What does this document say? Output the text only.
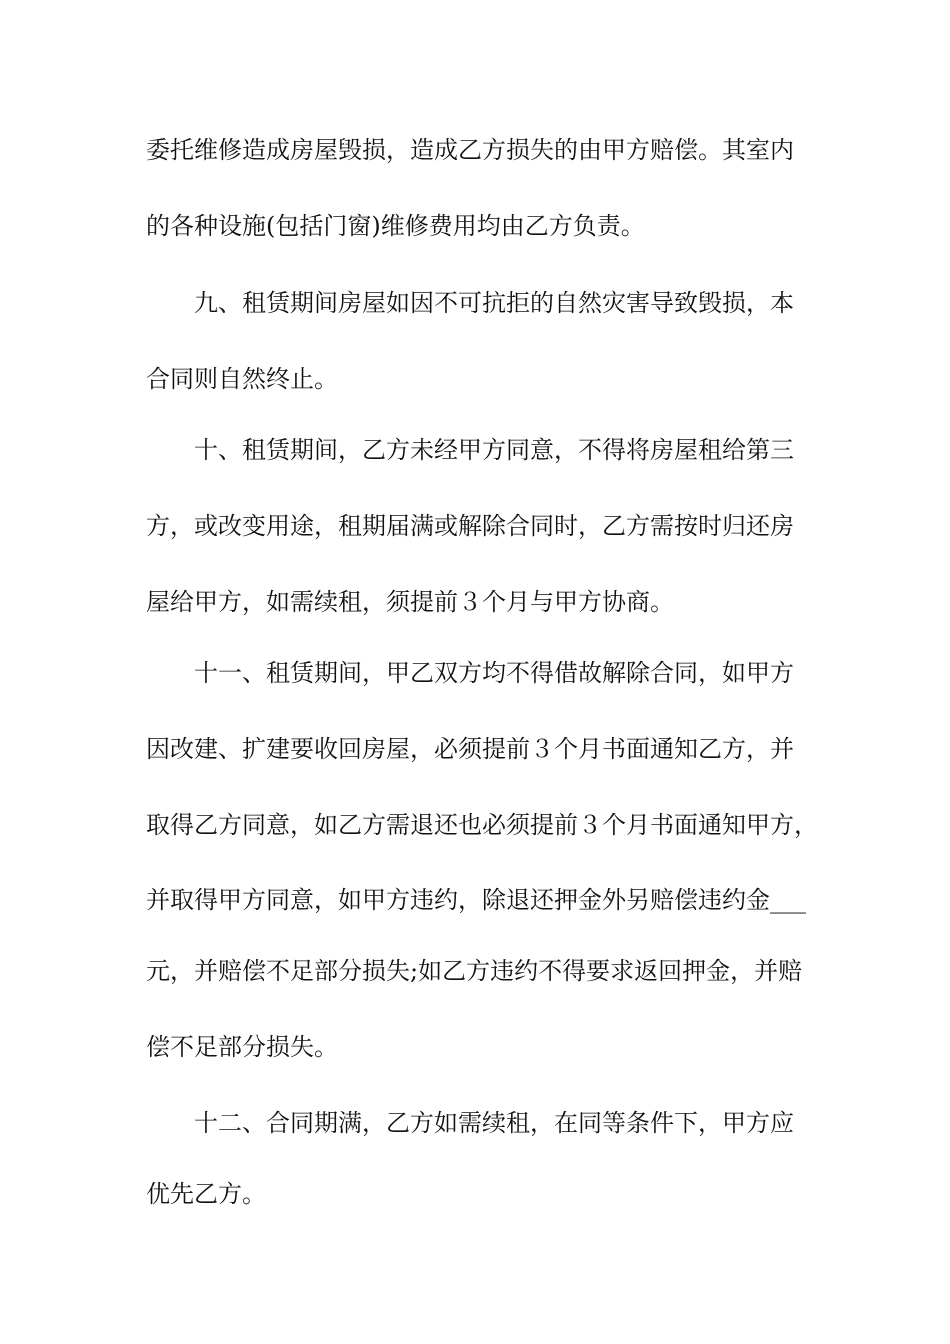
委托维修造成房屋毁损，造成乙方损失的由甲方赔偿。其室内
的各种设施(包括门窗)维修费用均由乙方负责。
　　九、租赁期间房屋如因不可抗拒的自然灾害导致毁损，本
合同则自然终止。
　　十、租赁期间，乙方未经甲方同意，不得将房屋租给第三
方，或改变用途，租期届满或解除合同时，乙方需按时归还房
屋给甲方，如需续租，须提前３个月与甲方协商。
　　十一、租赁期间，甲乙双方均不得借故解除合同，如甲方
因改建、扩建要收回房屋，必须提前３个月书面通知乙方，并
取得乙方同意，如乙方需退还也必须提前３个月书面通知甲方，
并取得甲方同意，如甲方违约，除退还押金外另赔偿违约金___
元，并赔偿不足部分损失;如乙方违约不得要求返回押金，并赔
偿不足部分损失。
　　十二、合同期满，乙方如需续租，在同等条件下，甲方应
优先乙方。
